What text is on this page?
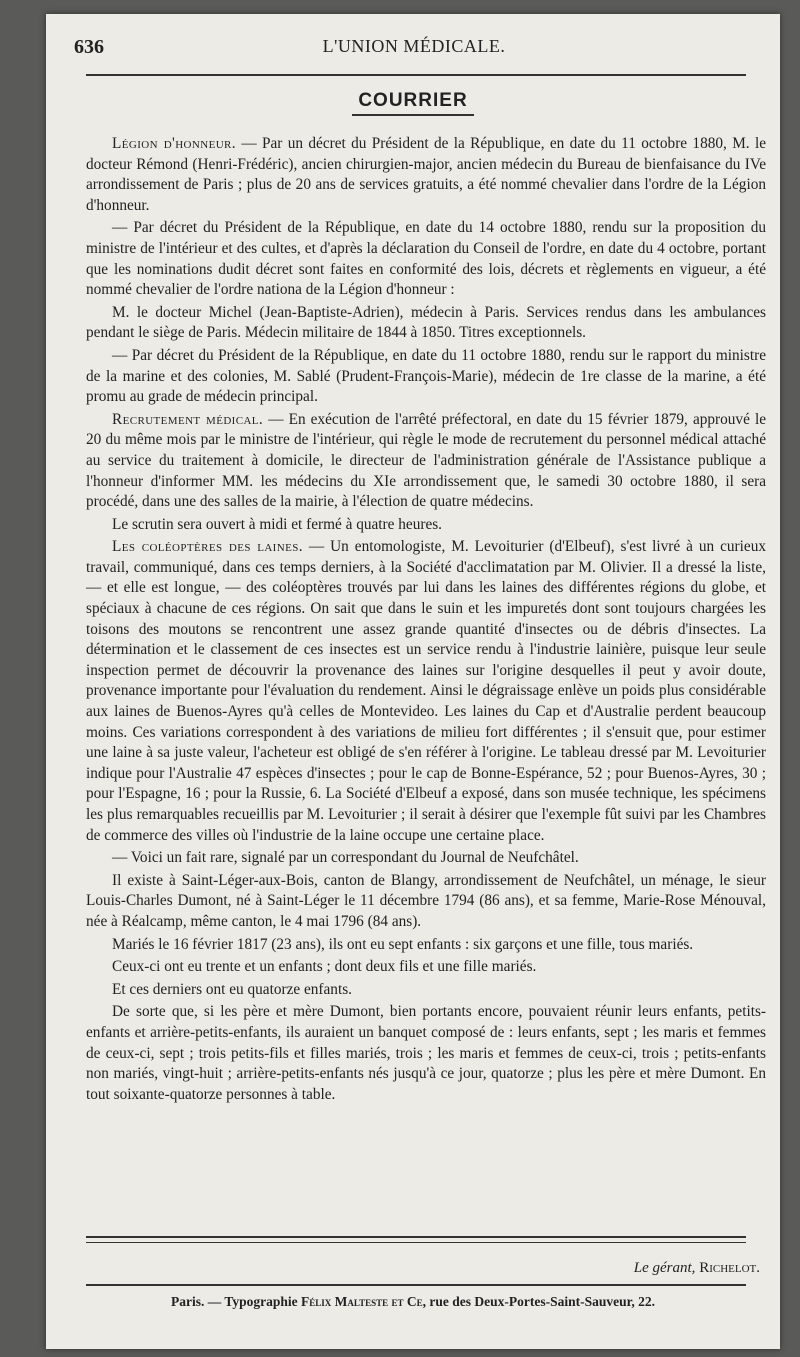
636	L'UNION MÉDICALE.
COURRIER

Légion d'honneur. — Par un décret du Président de la République, en date du 11 octobre 1880, M. le docteur Rémond (Henri-Frédéric), ancien chirurgien-major, ancien médecin du Bureau de bienfaisance du IVe arrondissement de Paris ; plus de 20 ans de services gratuits, a été nommé chevalier dans l'ordre de la Légion d'honneur.

— Par décret du Président de la République, en date du 14 octobre 1880, rendu sur la proposition du ministre de l'intérieur et des cultes, et d'après la déclaration du Conseil de l'ordre, en date du 4 octobre, portant que les nominations dudit décret sont faites en conformité des lois, décrets et règlements en vigueur, a été nommé chevalier de l'ordre nationa de la Légion d'honneur :

M. le docteur Michel (Jean-Baptiste-Adrien), médecin à Paris. Services rendus dans les ambulances pendant le siège de Paris. Médecin militaire de 1844 à 1850. Titres exceptionnels.

— Par décret du Président de la République, en date du 11 octobre 1880, rendu sur le rapport du ministre de la marine et des colonies, M. Sablé (Prudent-François-Marie), médecin de 1re classe de la marine, a été promu au grade de médecin principal.

Recrutement médical. — En exécution de l'arrêté préfectoral, en date du 15 février 1879, approuvé le 20 du même mois par le ministre de l'intérieur, qui règle le mode de recrutement du personnel médical attaché au service du traitement à domicile, le directeur de l'administration générale de l'Assistance publique a l'honneur d'informer MM. les médecins du XIe arrondissement que, le samedi 30 octobre 1880, il sera procédé, dans une des salles de la mairie, à l'élection de quatre médecins.

Le scrutin sera ouvert à midi et fermé à quatre heures.

Les coléoptères des laines. — Un entomologiste, M. Levoiturier (d'Elbeuf), s'est livré à un curieux travail, communiqué, dans ces temps derniers, à la Société d'acclimatation par M. Olivier. Il a dressé la liste, — et elle est longue, — des coléoptères trouvés par lui dans les laines des différentes régions du globe, et spéciaux à chacune de ces régions. On sait que dans le suin et les impuretés dont sont toujours chargées les toisons des moutons se rencontrent une assez grande quantité d'insectes ou de débris d'insectes. La détermination et le classement de ces insectes est un service rendu à l'industrie lainière, puisque leur seule inspection permet de découvrir la provenance des laines sur l'origine desquelles il peut y avoir doute, provenance importante pour l'évaluation du rendement. Ainsi le dégraissage enlève un poids plus considérable aux laines de Buenos-Ayres qu'à celles de Montevideo. Les laines du Cap et d'Australie perdent beaucoup moins. Ces variations correspondent à des variations de milieu fort différentes ; il s'ensuit que, pour estimer une laine à sa juste valeur, l'acheteur est obligé de s'en référer à l'origine. Le tableau dressé par M. Levoiturier indique pour l'Australie 47 espèces d'insectes ; pour le cap de Bonne-Espérance, 52 ; pour Buenos-Ayres, 30 ; pour l'Espagne, 16 ; pour la Russie, 6. La Société d'Elbeuf a exposé, dans son musée technique, les spécimens les plus remarquables recueillis par M. Levoiturier ; il serait à désirer que l'exemple fût suivi par les Chambres de commerce des villes où l'industrie de la laine occupe une certaine place.

— Voici un fait rare, signalé par un correspondant du Journal de Neufchâtel.

Il existe à Saint-Léger-aux-Bois, canton de Blangy, arrondissement de Neufchâtel, un ménage, le sieur Louis-Charles Dumont, né à Saint-Léger le 11 décembre 1794 (86 ans), et sa femme, Marie-Rose Ménouval, née à Réalcamp, même canton, le 4 mai 1796 (84 ans).

Mariés le 16 février 1817 (23 ans), ils ont eu sept enfants : six garçons et une fille, tous mariés.

Ceux-ci ont eu trente et un enfants ; dont deux fils et une fille mariés.

Et ces derniers ont eu quatorze enfants.

De sorte que, si les père et mère Dumont, bien portants encore, pouvaient réunir leurs enfants, petits-enfants et arrière-petits-enfants, ils auraient un banquet composé de : leurs enfants, sept ; les maris et femmes de ceux-ci, sept ; trois petits-fils et filles mariés, trois ; les maris et femmes de ceux-ci, trois ; petits-enfants non mariés, vingt-huit ; arrière-petits-enfants nés jusqu'à ce jour, quatorze ; plus les père et mère Dumont. En tout soixante-quatorze personnes à table.

Le gérant, Richelot.
Paris. — Typographie Félix Malteste et Ce, rue des Deux-Portes-Saint-Sauveur, 22.
